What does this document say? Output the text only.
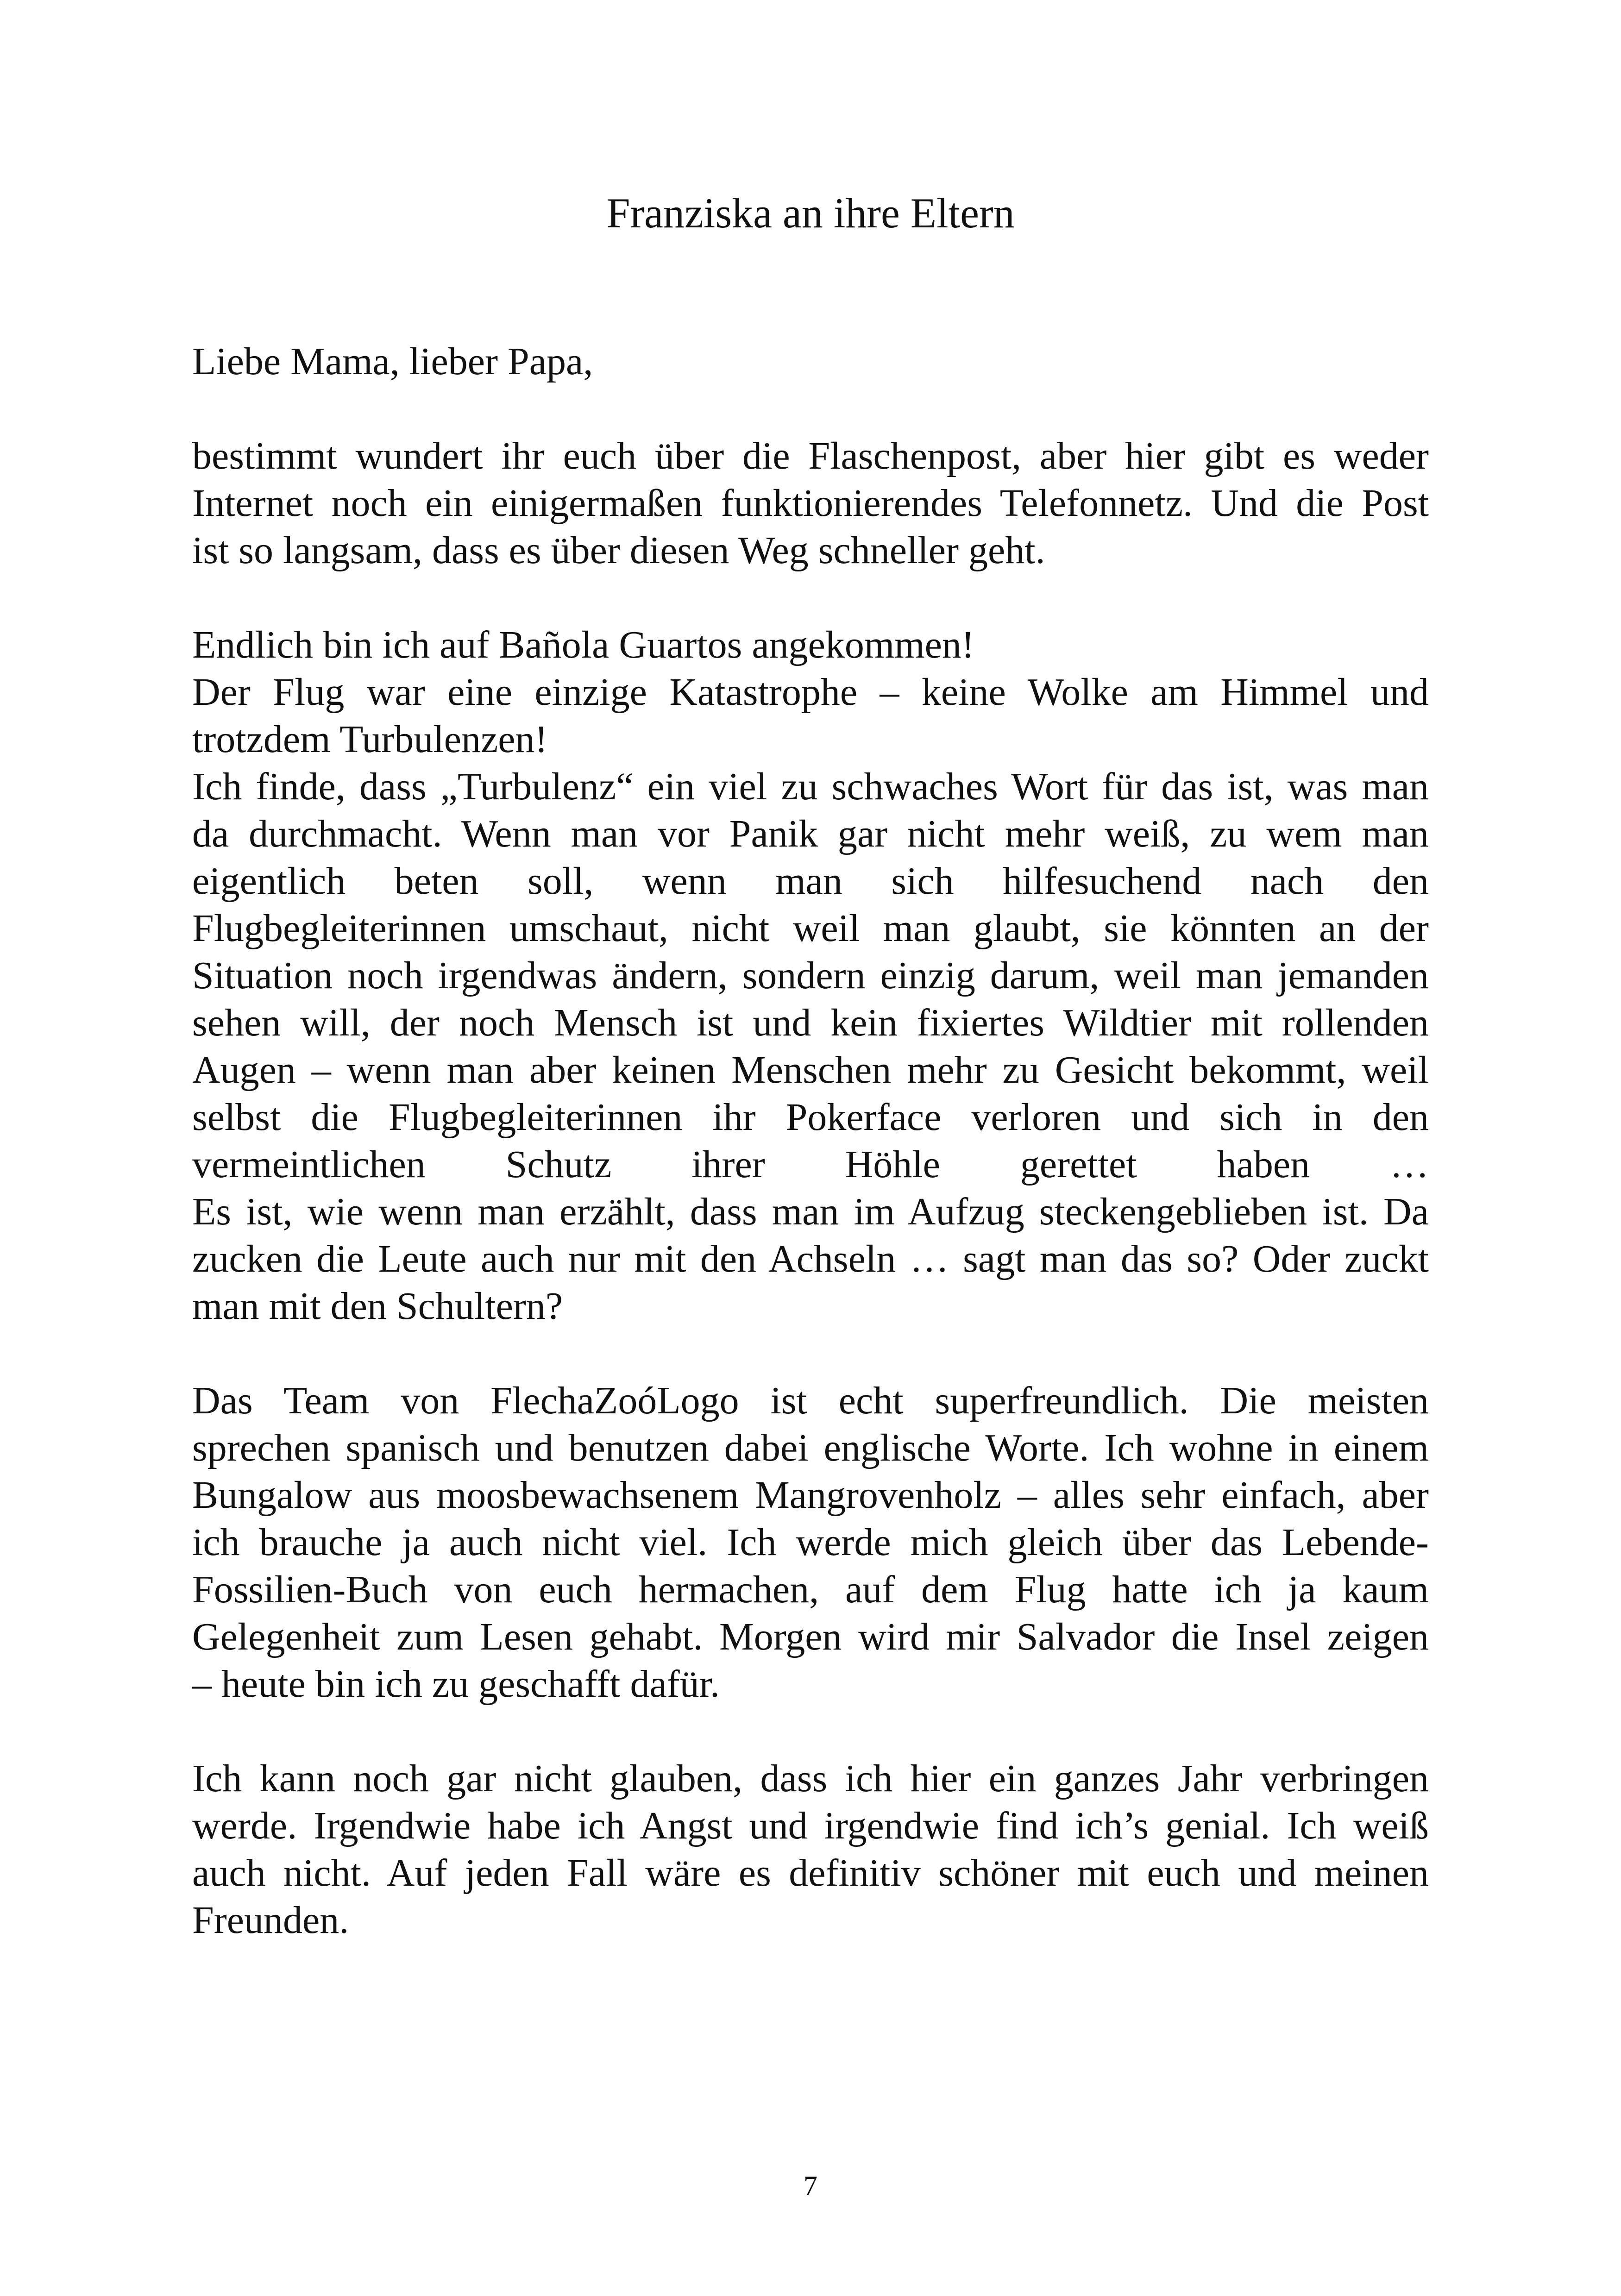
Franziska an ihre Eltern

Liebe Mama, lieber Papa,

bestimmt wundert ihr euch über die Flaschenpost, aber hier gibt es weder
Internet noch ein einigermaßen funktionierendes Telefonnetz. Und die Post
ist so langsam, dass es über diesen Weg schneller geht.
Endlich bin ich auf Bañola Guartos angekommen!
Der Flug war eine einzige Katastrophe – keine Wolke am Himmel und
trotzdem Turbulenzen!
Ich finde, dass „Turbulenz“ ein viel zu schwaches Wort für das ist, was man
da durchmacht. Wenn man vor Panik gar nicht mehr weiß, zu wem man
eigentlich beten soll, wenn man sich hilfesuchend nach den
Flugbegleiterinnen umschaut, nicht weil man glaubt, sie könnten an der
Situation noch irgendwas ändern, sondern einzig darum, weil man jemanden
sehen will, der noch Mensch ist und kein fixiertes Wildtier mit rollenden
Augen – wenn man aber keinen Menschen mehr zu Gesicht bekommt, weil
selbst die Flugbegleiterinnen ihr Pokerface verloren und sich in den
vermeintlichen Schutz ihrer Höhle gerettet haben …
Es ist, wie wenn man erzählt, dass man im Aufzug steckengeblieben ist. Da
zucken die Leute auch nur mit den Achseln … sagt man das so? Oder zuckt
man mit den Schultern?
Das Team von FlechaZoóLogo ist echt superfreundlich. Die meisten
sprechen spanisch und benutzen dabei englische Worte. Ich wohne in einem
Bungalow aus moosbewachsenem Mangrovenholz – alles sehr einfach, aber
ich brauche ja auch nicht viel. Ich werde mich gleich über das Lebende-
Fossilien-Buch von euch hermachen, auf dem Flug hatte ich ja kaum
Gelegenheit zum Lesen gehabt. Morgen wird mir Salvador die Insel zeigen
– heute bin ich zu geschafft dafür.
Ich kann noch gar nicht glauben, dass ich hier ein ganzes Jahr verbringen
werde. Irgendwie habe ich Angst und irgendwie find ich’s genial. Ich weiß
auch nicht. Auf jeden Fall wäre es definitiv schöner mit euch und meinen
Freunden.
7
